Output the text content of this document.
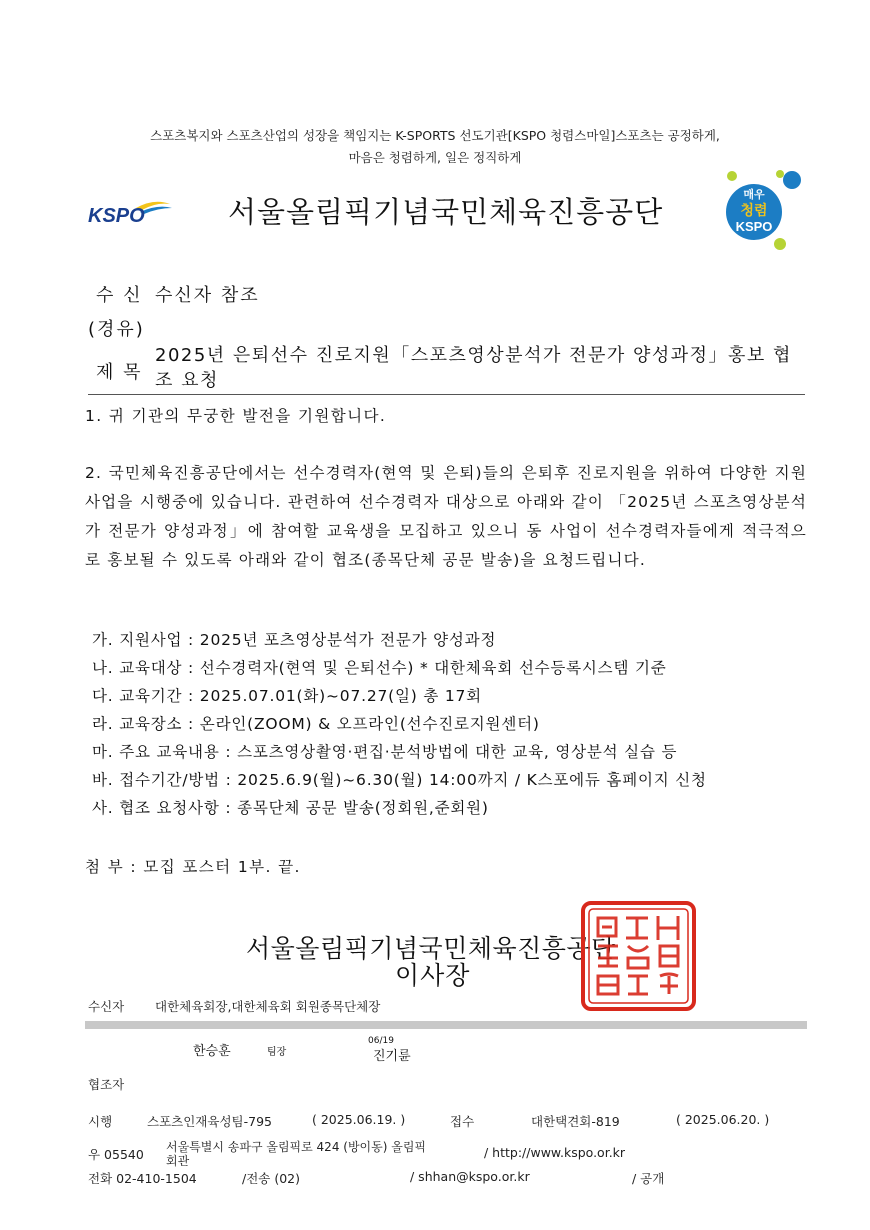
스포츠복지와 스포츠산업의 성장을 책임지는 K-SPORTS 선도기관[KSPO 청렴스마일]스포츠는 공정하게,
마음은 청렴하게, 일은 정직하게
KSPO	서울올림픽기념국민체육진흥공단
매우
청렴
KSPO
수 신 수신자 참조
(경유)
제 목
2025년 은퇴선수 진로지원「스포츠영상분석가 전문가 양성과정」홍보 협조 요청
1. 귀 기관의 무궁한 발전을 기원합니다.
2. 국민체육진흥공단에서는 선수경력자(현역 및 은퇴)들의 은퇴후 진로지원을 위하여 다양한 지원사업을 시행중에 있습니다. 관련하여 선수경력자 대상으로 아래와 같이 「2025년 스포츠영상분석가 전문가 양성과정」에 참여할 교육생을 모집하고 있으니 동 사업이 선수경력자들에게 적극적으로 홍보될 수 있도록 아래와 같이 협조(종목단체 공문 발송)을 요청드립니다.
가. 지원사업 : 2025년 포츠영상분석가 전문가 양성과정
나. 교육대상 : 선수경력자(현역 및 은퇴선수) * 대한체육회 선수등록시스템 기준
다. 교육기간 : 2025.07.01(화)~07.27(일) 총 17회
라. 교육장소 : 온라인(ZOOM) & 오프라인(선수진로지원센터)
마. 주요 교육내용 : 스포츠영상촬영·편집·분석방법에 대한 교육, 영상분석 실습 등
바. 접수기간/방법 : 2025.6.9(월)~6.30(월) 14:00까지 / K스포에듀 홈페이지 신청
사. 협조 요청사항 : 종목단체 공문 발송(정회원,준회원)
첨 부 : 모집 포스터 1부. 끝.
서울올림픽기념국민체육진흥공단
이사장
수신자 대한체육회장,대한체육회 회원종목단체장
한승훈	팀장
06/19
진기륜
협조자
시행	스포츠인재육성팀-795	( 2025.06.19. )	접수	대한택견회-819	( 2025.06.20. )
우 05540 서울특별시 송파구 올림픽로 424 (방이동) 올림픽
회관
/ http://www.kspo.or.kr
전화 02-410-1504	/전송 (02)	/ shhan@kspo.or.kr	/ 공개
